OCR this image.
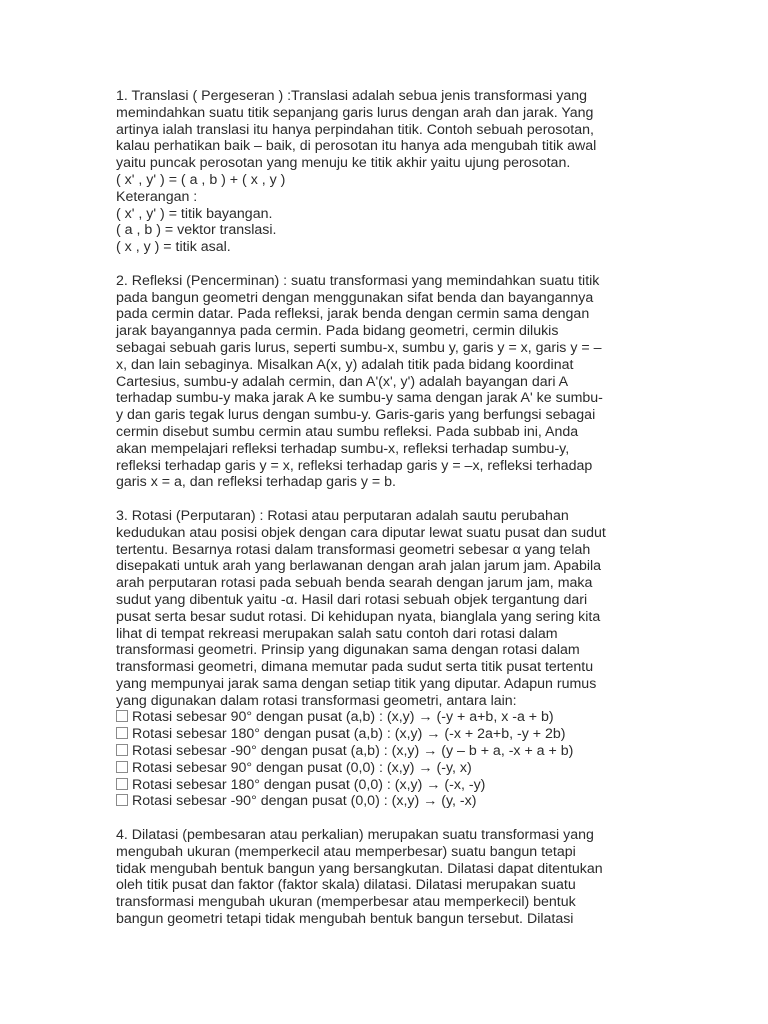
1. Translasi ( Pergeseran ) :Translasi adalah sebua jenis transformasi yang
memindahkan suatu titik sepanjang garis lurus dengan arah dan jarak. Yang
artinya ialah translasi itu hanya perpindahan titik. Contoh sebuah perosotan,
kalau perhatikan baik – baik, di perosotan itu hanya ada mengubah titik awal
yaitu puncak perosotan yang menuju ke titik akhir yaitu ujung perosotan.
( x' , y' ) = ( a , b ) + ( x , y )
Keterangan :
( x' , y' ) = titik bayangan.
( a , b ) = vektor translasi.
( x , y ) = titik asal.
2. Refleksi (Pencerminan) : suatu transformasi yang memindahkan suatu titik
pada bangun geometri dengan menggunakan sifat benda dan bayangannya
pada cermin datar. Pada refleksi, jarak benda dengan cermin sama dengan
jarak bayangannya pada cermin. Pada bidang geometri, cermin dilukis
sebagai sebuah garis lurus, seperti sumbu-x, sumbu y, garis y = x, garis y = –
x, dan lain sebaginya. Misalkan A(x, y) adalah titik pada bidang koordinat
Cartesius, sumbu-y adalah cermin, dan A'(x', y') adalah bayangan dari A
terhadap sumbu-y maka jarak A ke sumbu-y sama dengan jarak A' ke sumbu-
y dan garis tegak lurus dengan sumbu-y. Garis-garis yang berfungsi sebagai
cermin disebut sumbu cermin atau sumbu refleksi. Pada subbab ini, Anda
akan mempelajari refleksi terhadap sumbu-x, refleksi terhadap sumbu-y,
refleksi terhadap garis y = x, refleksi terhadap garis y = –x, refleksi terhadap
garis x = a, dan refleksi terhadap garis y = b.
3. Rotasi (Perputaran) : Rotasi atau perputaran adalah sautu perubahan
kedudukan atau posisi objek dengan cara diputar lewat suatu pusat dan sudut
tertentu. Besarnya rotasi dalam transformasi geometri sebesar α yang telah
disepakati untuk arah yang berlawanan dengan arah jalan jarum jam. Apabila
arah perputaran rotasi pada sebuah benda searah dengan jarum jam, maka
sudut yang dibentuk yaitu -α. Hasil dari rotasi sebuah objek tergantung dari
pusat serta besar sudut rotasi. Di kehidupan nyata, bianglala yang sering kita
lihat di tempat rekreasi merupakan salah satu contoh dari rotasi dalam
transformasi geometri. Prinsip yang digunakan sama dengan rotasi dalam
transformasi geometri, dimana memutar pada sudut serta titik pusat tertentu
yang mempunyai jarak sama dengan setiap titik yang diputar. Adapun rumus
yang digunakan dalam rotasi transformasi geometri, antara lain:
Rotasi sebesar 90° dengan pusat (a,b) : (x,y) → (-y + a+b, x -a + b)
Rotasi sebesar 180° dengan pusat (a,b) : (x,y) → (-x + 2a+b, -y + 2b)
Rotasi sebesar -90° dengan pusat (a,b) : (x,y) → (y – b + a, -x + a + b)
Rotasi sebesar 90° dengan pusat (0,0) : (x,y) → (-y, x)
Rotasi sebesar 180° dengan pusat (0,0) : (x,y) → (-x, -y)
Rotasi sebesar -90° dengan pusat (0,0) : (x,y) → (y, -x)
4. Dilatasi (pembesaran atau perkalian) merupakan suatu transformasi yang
mengubah ukuran (memperkecil atau memperbesar) suatu bangun tetapi
tidak mengubah bentuk bangun yang bersangkutan. Dilatasi dapat ditentukan
oleh titik pusat dan faktor (faktor skala) dilatasi. Dilatasi merupakan suatu
transformasi mengubah ukuran (memperbesar atau memperkecil) bentuk
bangun geometri tetapi tidak mengubah bentuk bangun tersebut. Dilatasi
